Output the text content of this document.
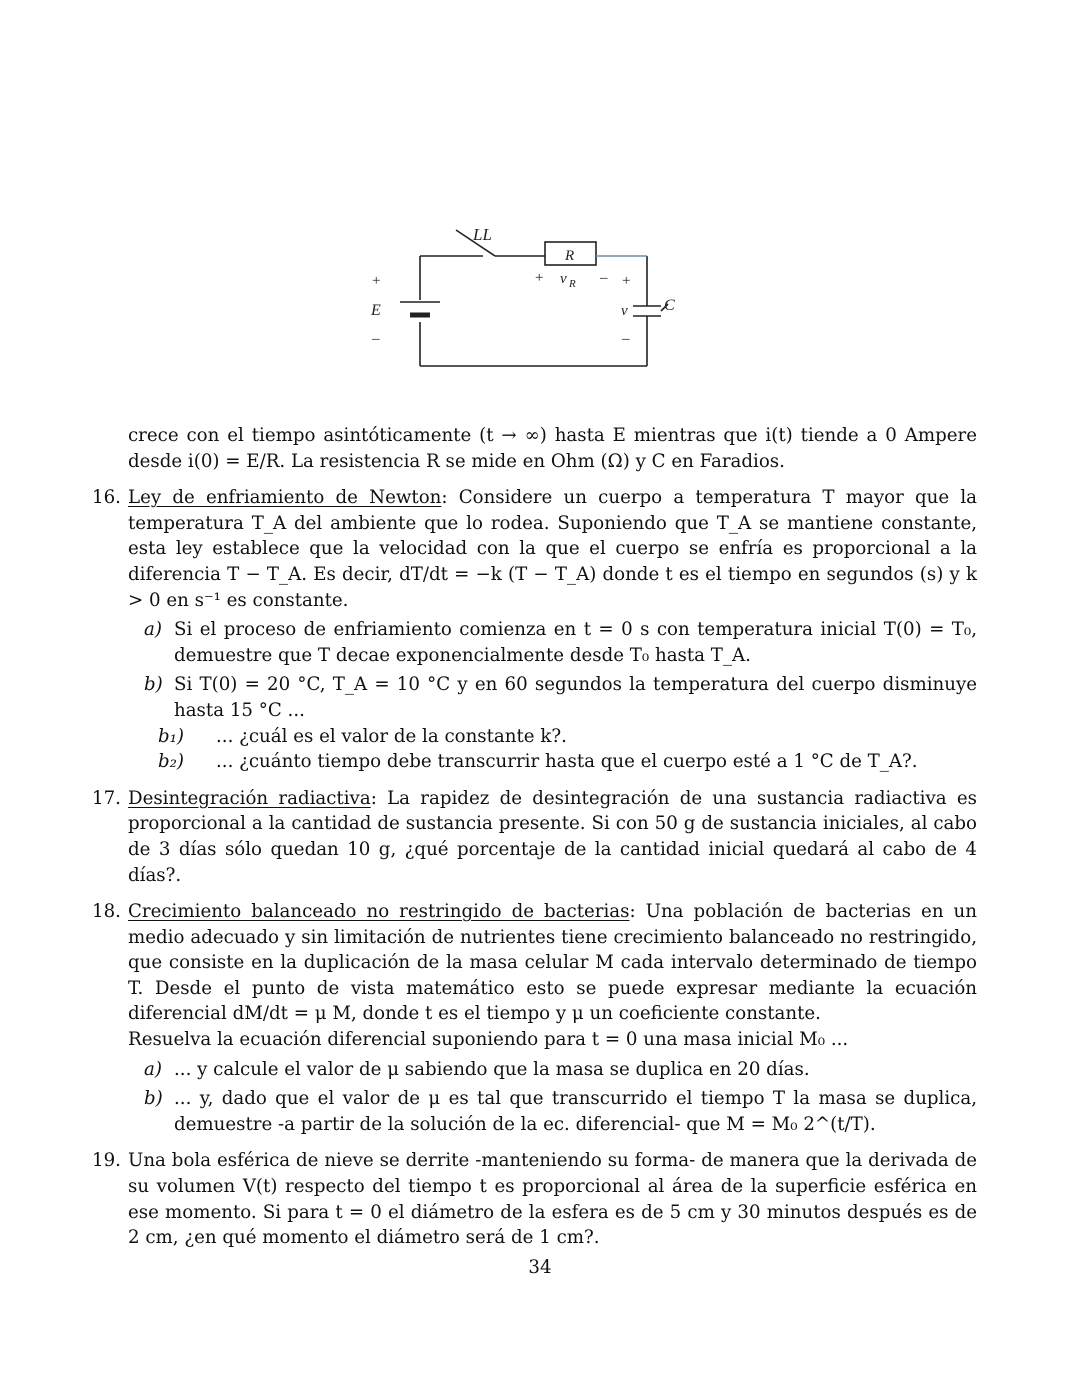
LL
R
+ v R – +
v
–
C
+
E
–

crece con el tiempo asintóticamente (t → ∞) hasta E mientras que i(t) tiende a 0 Ampere desde i(0) = E/R. La resistencia R se mide en Ohm (Ω) y C en Faradios.

16. Ley de enfriamiento de Newton: Considere un cuerpo a temperatura T mayor que la temperatura T_A del ambiente que lo rodea. Suponiendo que T_A se mantiene constante, esta ley establece que la velocidad con la que el cuerpo se enfría es proporcional a la diferencia T − T_A. Es decir, dT/dt = −k (T − T_A) donde t es el tiempo en segundos (s) y k > 0 en s⁻¹ es constante.

a) Si el proceso de enfriamiento comienza en t = 0 s con temperatura inicial T(0) = T₀, demuestre que T decae exponencialmente desde T₀ hasta T_A.
b) Si T(0) = 20 °C, T_A = 10 °C y en 60 segundos la temperatura del cuerpo disminuye hasta 15 °C ...
b₁)	... ¿cuál es el valor de la constante k?.
b₂)	... ¿cuánto tiempo debe transcurrir hasta que el cuerpo esté a 1 °C de T_A?.
17. Desintegración radiactiva: La rapidez de desintegración de una sustancia radiactiva es proporcional a la cantidad de sustancia presente. Si con 50 g de sustancia iniciales, al cabo de 3 días sólo quedan 10 g, ¿qué porcentaje de la cantidad inicial quedará al cabo de 4 días?.

18. Crecimiento balanceado no restringido de bacterias: Una población de bacterias en un medio adecuado y sin limitación de nutrientes tiene crecimiento balanceado no restringido, que consiste en la duplicación de la masa celular M cada intervalo determinado de tiempo T. Desde el punto de vista matemático esto se puede expresar mediante la ecuación diferencial dM/dt = μ M, donde t es el tiempo y μ un coeficiente constante.

Resuelva la ecuación diferencial suponiendo para t = 0 una masa inicial M₀ ...

a) ... y calcule el valor de μ sabiendo que la masa se duplica en 20 días.
b) ... y, dado que el valor de μ es tal que transcurrido el tiempo T la masa se duplica, demuestre -a partir de la solución de la ec. diferencial- que M = M₀ 2^(t/T).
19. Una bola esférica de nieve se derrite -manteniendo su forma- de manera que la derivada de su volumen V(t) respecto del tiempo t es proporcional al área de la superficie esférica en ese momento. Si para t = 0 el diámetro de la esfera es de 5 cm y 30 minutos después es de 2 cm, ¿en qué momento el diámetro será de 1 cm?.

34
